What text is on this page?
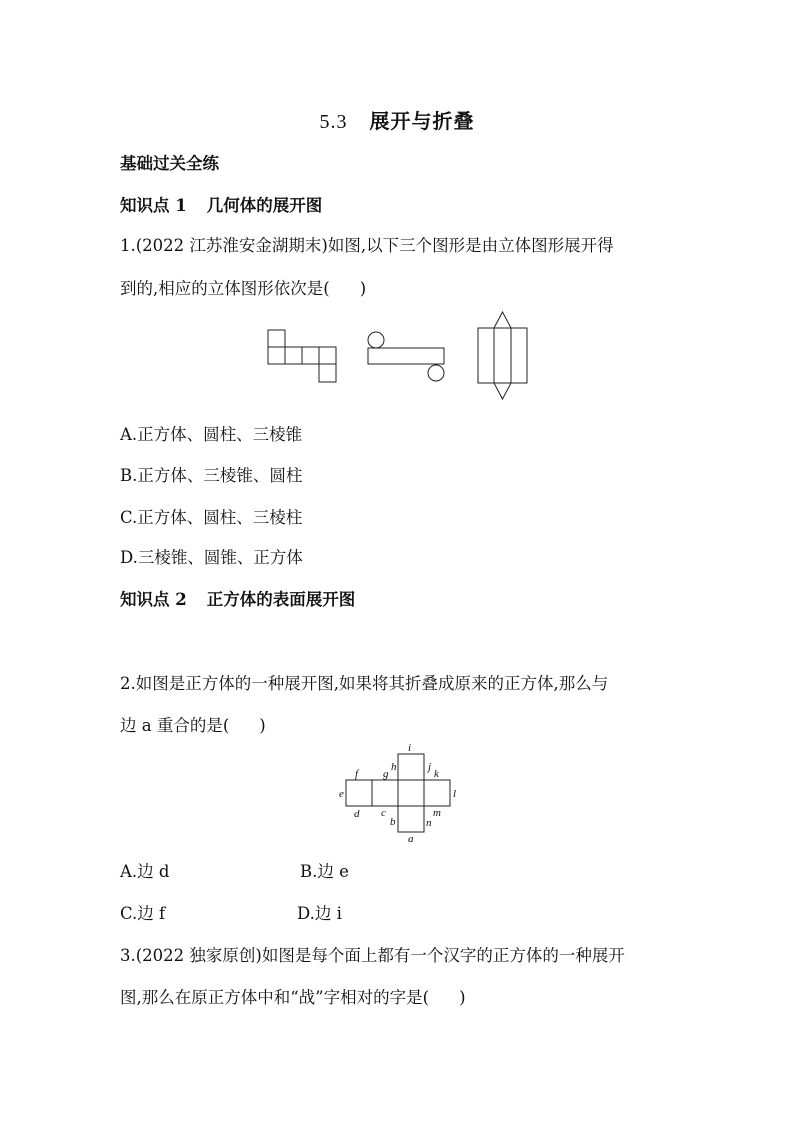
5.3 展开与折叠
基础过关全练
知识点 1 几何体的展开图
1.(2022 江苏淮安金湖期末)如图,以下三个图形是由立体图形展开得
到的,相应的立体图形依次是( )
A.正方体、圆柱、三棱锥
B.正方体、三棱锥、圆柱
C.正方体、圆柱、三棱柱
D.三棱锥、圆锥、正方体
知识点 2 正方体的表面展开图
2.如图是正方体的一种展开图,如果将其折叠成原来的正方体,那么与
边 a 重合的是( )
i
f g
h	j
k
e	l
d c
b
m
n
a
A.边 d	B.边 e
C.边 f	D.边 i
3.(2022 独家原创)如图是每个面上都有一个汉字的正方体的一种展开
图,那么在原正方体中和“战”字相对的字是( )
